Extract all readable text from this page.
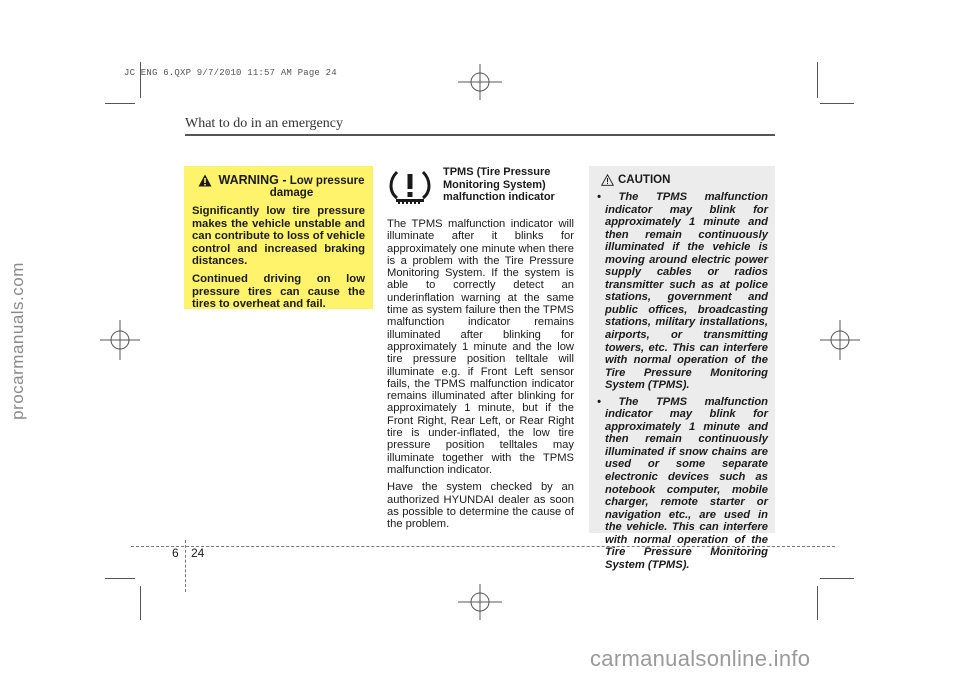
JC ENG 6.QXP 9/7/2010 11:57 AM Page 24
procarmanuals.com
carmanualsonline.info
What to do in an emergency
WARNING - Low pressure
damage

Significantly low tire pressure makes the vehicle unstable and can contribute to loss of vehicle control and increased braking distances.

Continued driving on low pressure tires can cause the tires to overheat and fail.

TPMS (Tire Pressure Monitoring System) malfunction indicator

The TPMS malfunction indicator will illuminate after it blinks for approximately one minute when there is a problem with the Tire Pressure Monitoring System. If the system is able to correctly detect an underinflation warning at the same time as system failure then the TPMS malfunction indicator remains illuminated after blinking for approximately 1 minute and the low tire pressure position telltale will illuminate e.g. if Front Left sensor fails, the TPMS malfunction indicator remains illuminated after blinking for approximately 1 minute, but if the Front Right, Rear Left, or Rear Right tire is under-inflated, the low tire pressure position telltales may illuminate together with the TPMS malfunction indicator.

Have the system checked by an authorized HYUNDAI dealer as soon as possible to determine the cause of the problem.

CAUTION
• The TPMS malfunction indicator may blink for approximately 1 minute and then remain continuously illuminated if the vehicle is moving around electric power supply cables or radios transmitter such as at police stations, government and public offices, broadcasting stations, military installations, airports, or transmitting towers, etc. This can interfere with normal operation of the Tire Pressure Monitoring System (TPMS).
• The TPMS malfunction indicator may blink for approximately 1 minute and then remain continuously illuminated if snow chains are used or some separate electronic devices such as notebook computer, mobile charger, remote starter or navigation etc., are used in the vehicle. This can interfere with normal operation of the Tire Pressure Monitoring System (TPMS).
6 24
